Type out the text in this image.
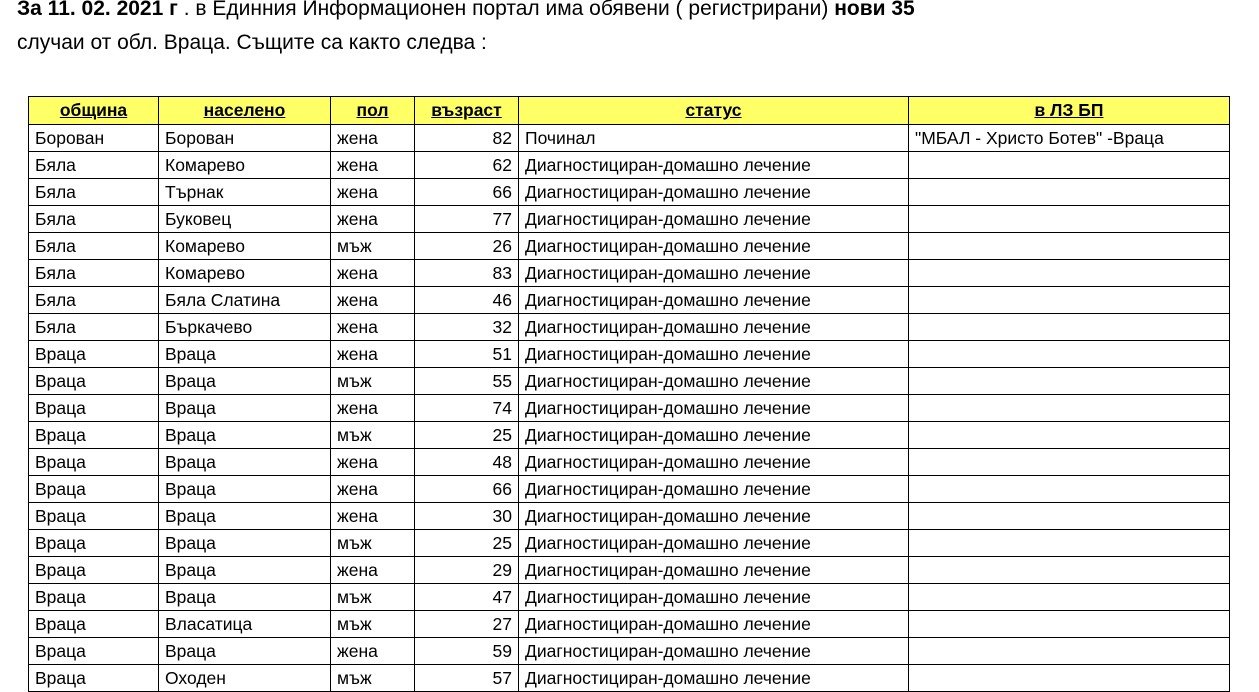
За 11. 02. 2021 г . в Единния Информационен портал има обявени ( регистрирани) нови 35
случаи от обл. Враца. Същите са както следва :

община	населено	пол	възраст	статус	в ЛЗ БП
Борован	Борован	жена	82	Починал	"МБАЛ - Христо Ботев" -Враца
Бяла	Комарево	жена	62	Диагностициран-домашно лечение	
Бяла	Търнак	жена	66	Диагностициран-домашно лечение	
Бяла	Буковец	жена	77	Диагностициран-домашно лечение	
Бяла	Комарево	мъж	26	Диагностициран-домашно лечение	
Бяла	Комарево	жена	83	Диагностициран-домашно лечение	
Бяла	Бяла Слатина	жена	46	Диагностициран-домашно лечение	
Бяла	Бъркачево	жена	32	Диагностициран-домашно лечение	
Враца	Враца	жена	51	Диагностициран-домашно лечение	
Враца	Враца	мъж	55	Диагностициран-домашно лечение	
Враца	Враца	жена	74	Диагностициран-домашно лечение	
Враца	Враца	мъж	25	Диагностициран-домашно лечение	
Враца	Враца	жена	48	Диагностициран-домашно лечение	
Враца	Враца	жена	66	Диагностициран-домашно лечение	
Враца	Враца	жена	30	Диагностициран-домашно лечение	
Враца	Враца	мъж	25	Диагностициран-домашно лечение	
Враца	Враца	жена	29	Диагностициран-домашно лечение	
Враца	Враца	мъж	47	Диагностициран-домашно лечение	
Враца	Власатица	мъж	27	Диагностициран-домашно лечение	
Враца	Враца	жена	59	Диагностициран-домашно лечение	
Враца	Оходен	мъж	57	Диагностициран-домашно лечение	
